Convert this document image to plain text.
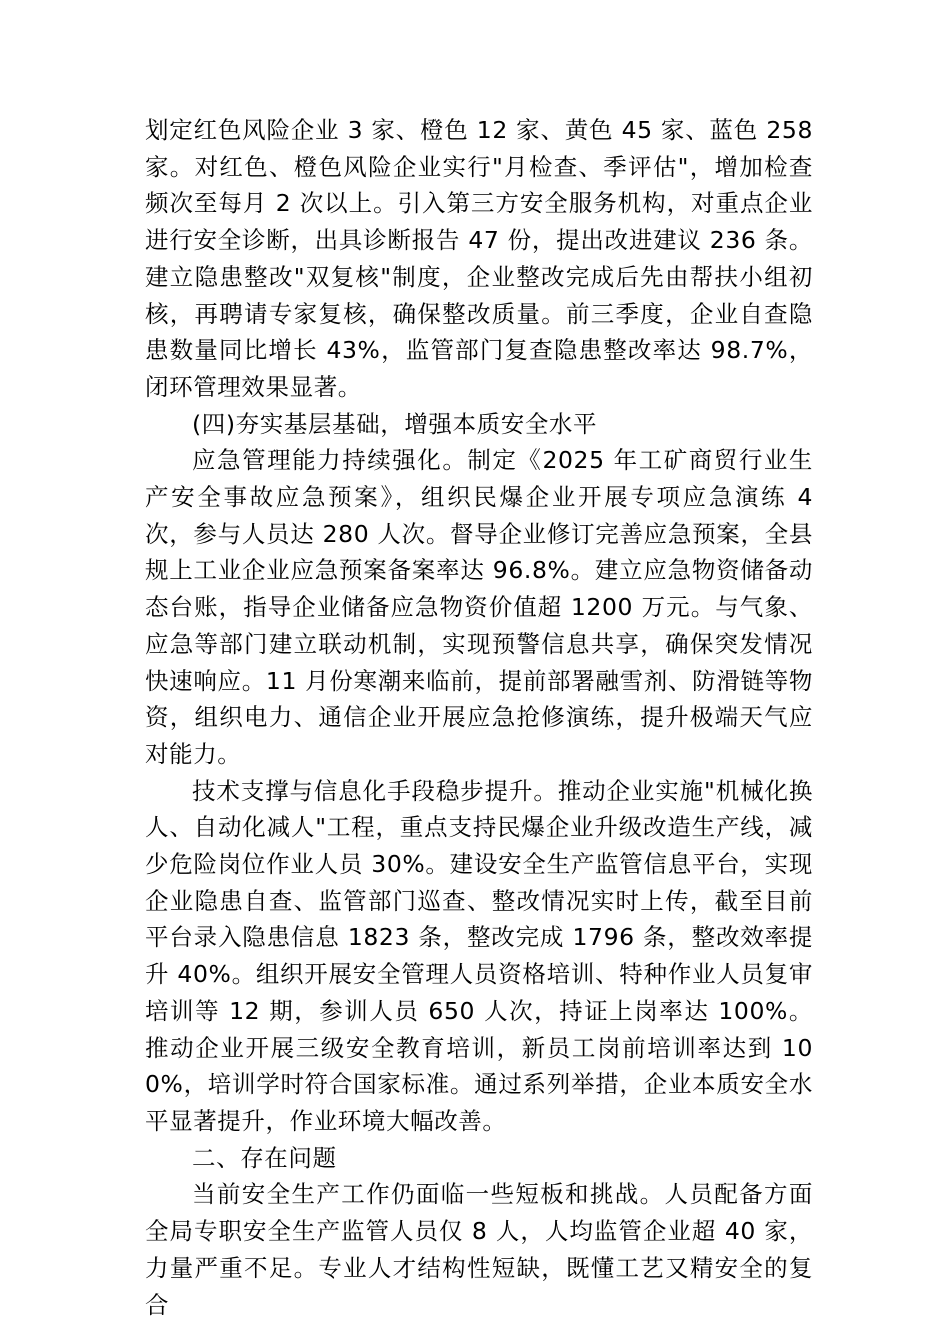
划定红色风险企业 3 家、橙色 12 家、黄色 45 家、蓝色 258 家。对红色、橙色风险企业实行"月检查、季评估"，增加检查频次至每月 2 次以上。引入第三方安全服务机构，对重点企业进行安全诊断，出具诊断报告 47 份，提出改进建议 236 条。建立隐患整改"双复核"制度，企业整改完成后先由帮扶小组初核，再聘请专家复核，确保整改质量。前三季度，企业自查隐患数量同比增长 43%，监管部门复查隐患整改率达 98.7%，闭环管理效果显著。

(四)夯实基层基础，增强本质安全水平

应急管理能力持续强化。制定《2025 年工矿商贸行业生产安全事故应急预案》，组织民爆企业开展专项应急演练 4 次，参与人员达 280 人次。督导企业修订完善应急预案，全县规上工业企业应急预案备案率达 96.8%。建立应急物资储备动态台账，指导企业储备应急物资价值超 1200 万元。与气象、应急等部门建立联动机制，实现预警信息共享，确保突发情况快速响应。11 月份寒潮来临前，提前部署融雪剂、防滑链等物资，组织电力、通信企业开展应急抢修演练，提升极端天气应对能力。

技术支撑与信息化手段稳步提升。推动企业实施"机械化换人、自动化减人"工程，重点支持民爆企业升级改造生产线，减少危险岗位作业人员 30%。建设安全生产监管信息平台，实现企业隐患自查、监管部门巡查、整改情况实时上传，截至目前平台录入隐患信息 1823 条，整改完成 1796 条，整改效率提升 40%。组织开展安全管理人员资格培训、特种作业人员复审培训等 12 期，参训人员 650 人次，持证上岗率达 100%。推动企业开展三级安全教育培训，新员工岗前培训率达到 100%，培训学时符合国家标准。通过系列举措，企业本质安全水平显著提升，作业环境大幅改善。

二、存在问题

当前安全生产工作仍面临一些短板和挑战。人员配备方面全局专职安全生产监管人员仅 8 人，人均监管企业超 40 家，力量严重不足。专业人才结构性短缺，既懂工艺又精安全的复合
